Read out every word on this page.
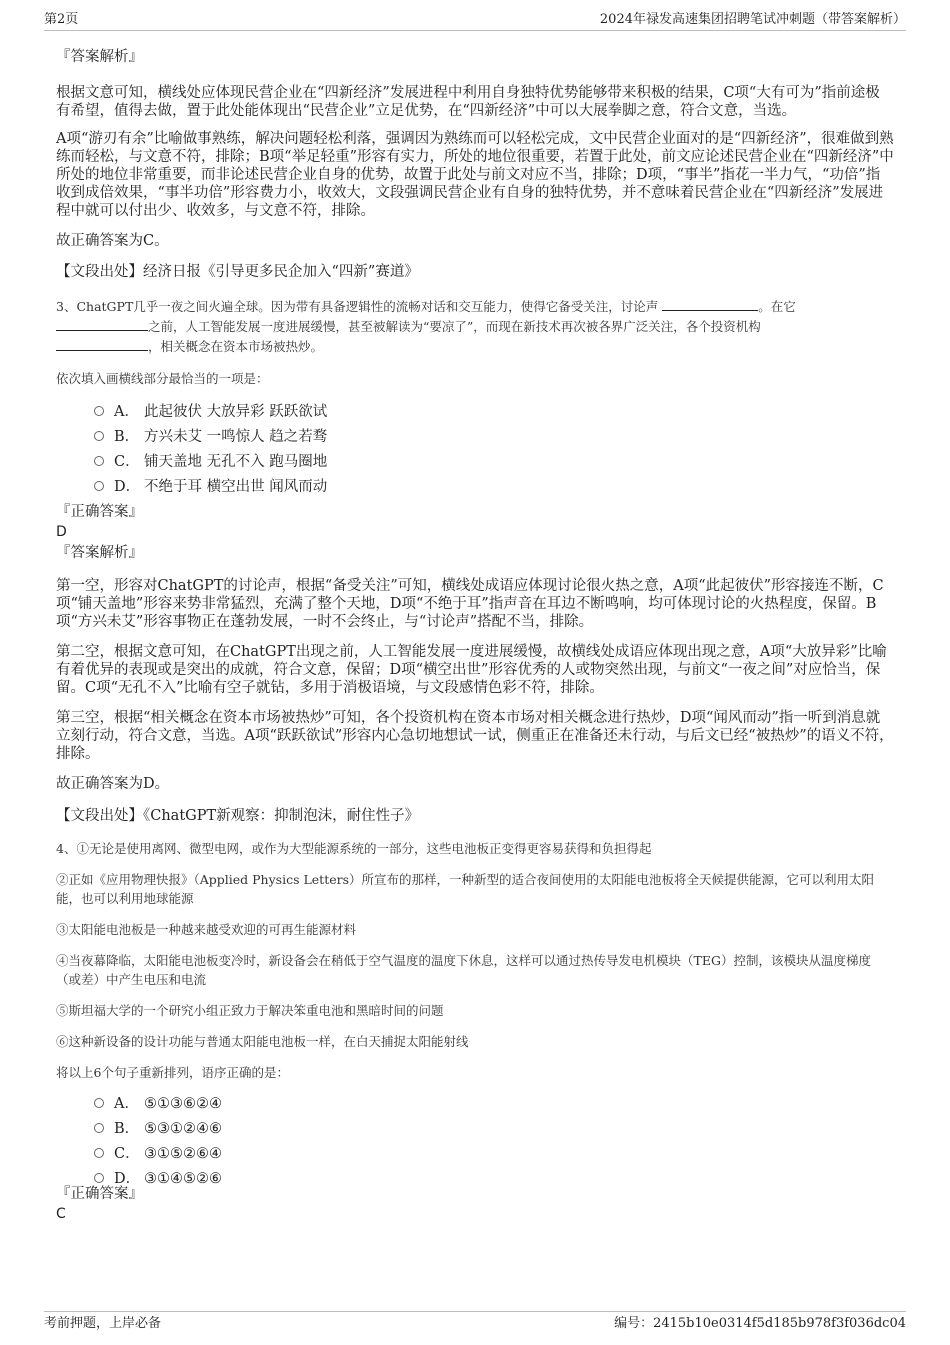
第2页	2024年禄发高速集团招聘笔试冲刺题（带答案解析）

『答案解析』

根据文意可知，横线处应体现民营企业在“四新经济”发展进程中利用自身独特优势能够带来积极的结果，C项“大有可为”指前途极有希望，值得去做，置于此处能体现出“民营企业”立足优势，在“四新经济”中可以大展拳脚之意，符合文意，当选。

A项“游刃有余”比喻做事熟练，解决问题轻松利落，强调因为熟练而可以轻松完成，文中民营企业面对的是“四新经济”，很难做到熟练而轻松，与文意不符，排除；B项“举足轻重”形容有实力，所处的地位很重要，若置于此处，前文应论述民营企业在“四新经济”中所处的地位非常重要，而非论述民营企业自身的优势，故置于此处与前文对应不当，排除；D项，“事半”指花一半力气，“功倍”指收到成倍效果，“事半功倍”形容费力小，收效大，文段强调民营企业有自身的独特优势，并不意味着民营企业在“四新经济”发展进程中就可以付出少、收效多，与文意不符，排除。

故正确答案为C。

【文段出处】经济日报《引导更多民企加入“四新”赛道》

3、ChatGPT几乎一夜之间火遍全球。因为带有具备逻辑性的流畅对话和交互能力，使得它备受关注，讨论声	。在它
之前，人工智能发展一度进展缓慢，甚至被解读为“要凉了”，而现在新技术再次被各界广泛关注，各个投资机构
，相关概念在资本市场被热炒。

依次填入画横线部分最恰当的一项是：

A． 此起彼伏 大放异彩 跃跃欲试
B． 方兴未艾 一鸣惊人 趋之若骛
C． 铺天盖地 无孔不入 跑马圈地
D． 不绝于耳 横空出世 闻风而动

『正确答案』

D

『答案解析』

第一空，形容对ChatGPT的讨论声，根据“备受关注”可知，横线处成语应体现讨论很火热之意，A项“此起彼伏”形容接连不断，C项“铺天盖地”形容来势非常猛烈，充满了整个天地，D项“不绝于耳”指声音在耳边不断鸣响，均可体现讨论的火热程度，保留。B项“方兴未艾”形容事物正在蓬勃发展，一时不会终止，与“讨论声”搭配不当，排除。

第二空，根据文意可知，在ChatGPT出现之前，人工智能发展一度进展缓慢，故横线处成语应体现出现之意，A项“大放异彩”比喻有着优异的表现或是突出的成就，符合文意，保留；D项“横空出世”形容优秀的人或物突然出现，与前文“一夜之间”对应恰当，保留。C项“无孔不入”比喻有空子就钻，多用于消极语境，与文段感情色彩不符，排除。

第三空，根据“相关概念在资本市场被热炒”可知，各个投资机构在资本市场对相关概念进行热炒，D项“闻风而动”指一听到消息就立刻行动，符合文意，当选。A项“跃跃欲试”形容内心急切地想试一试，侧重正在准备还未行动，与后文已经“被热炒”的语义不符，排除。

故正确答案为D。

【文段出处】《ChatGPT新观察：抑制泡沫，耐住性子》

4、①无论是使用离网、微型电网，或作为大型能源系统的一部分，这些电池板正变得更容易获得和负担得起

②正如《应用物理快报》（Applied Physics Letters）所宣布的那样，一种新型的适合夜间使用的太阳能电池板将全天候提供能源，它可以利用太阳能，也可以利用地球能源

③太阳能电池板是一种越来越受欢迎的可再生能源材料

④当夜幕降临，太阳能电池板变冷时，新设备会在稍低于空气温度的温度下休息，这样可以通过热传导发电机模块（TEG）控制，该模块从温度梯度（或差）中产生电压和电流

⑤斯坦福大学的一个研究小组正致力于解决笨重电池和黑暗时间的问题

⑥这种新设备的设计功能与普通太阳能电池板一样，在白天捕捉太阳能射线

将以上6个句子重新排列，语序正确的是：

A． ⑤①③⑥②④
B． ⑤③①②④⑥
C． ③①⑤②⑥④
D． ③①④⑤②⑥

『正确答案』

C

考前押题，上岸必备	编号：2415b10e0314f5d185b978f3f036dc04
